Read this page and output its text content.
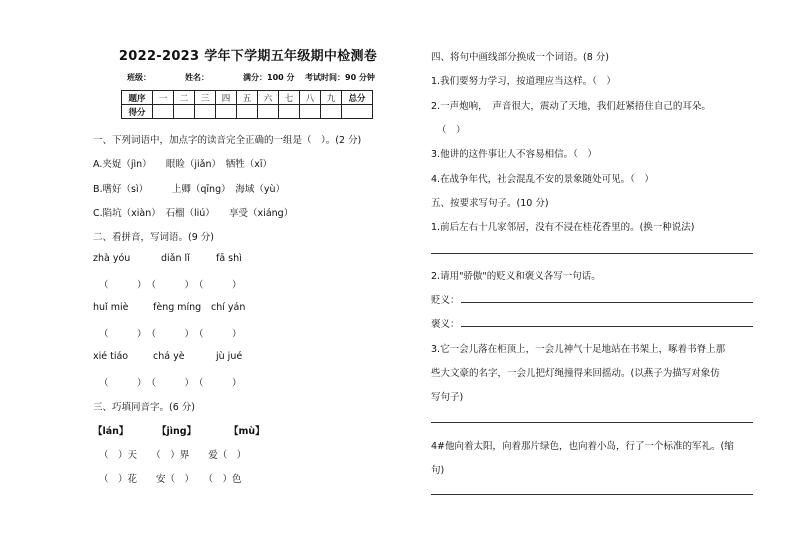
2022-2023 学年下学期五年级期中检测卷
班级：	姓名：	满分：100 分 考试时间：90 分钟
题序	一	二	三	四	五	六	七	八	九	总分
得分										
一、下列词语中，加点字的读音完全正确的一组是（　）。(2 分)
A.夹娖（jìn）　　眼睑（jiǎn）　牺牲（xī）
B.嗜好（sì）　　　上卿（qīng）　海域（yù）
C.陷坑（xiàn）　石榴（liú）　　享受（xiáng）
二、看拼音，写词语。(9 分)
zhà yóu	diǎn lǐ	fā shì
（　　　）　（　　　）　（　　　）
huǐ miè	fèng míng chí yán
（　　　）　（　　　）　（　　　）
xié tiáo	chá yè	jù jué
（　　　）　（　　　）　（　　　）
三、巧填同音字。(6 分)
【lán】	【jìng】	【mù】
（　）天　　（　）界　　爱（　）
（　）花　　安（　）　　（　）色
四、将句中画线部分换成一个词语。(8 分)
1.我们要努力学习，按道理应当这样。（　）
2.一声炮响，　声音很大，震动了天地，我们赶紧捂住自己的耳朵。
（　）
3.他讲的这件事让人不容易相信。（　）
4.在战争年代，社会混乱不安的景象随处可见。（　）
五、按要求写句子。(10 分)
1.前后左右十几家邻居，没有不浸在桂花香里的。(换一种说法)
2.请用"骄傲"的贬义和褒义各写一句话。
贬义：
褒义：
3.它一会儿落在柜顶上，一会儿神气十足地站在书架上，啄着书脊上那
些大文豪的名字，一会儿把灯绳撞得来回摇动。(以燕子为描写对象仿
写句子)
4#他向着太阳，向着那片绿色，也向着小岛，行了一个标准的军礼。(缩
句)
